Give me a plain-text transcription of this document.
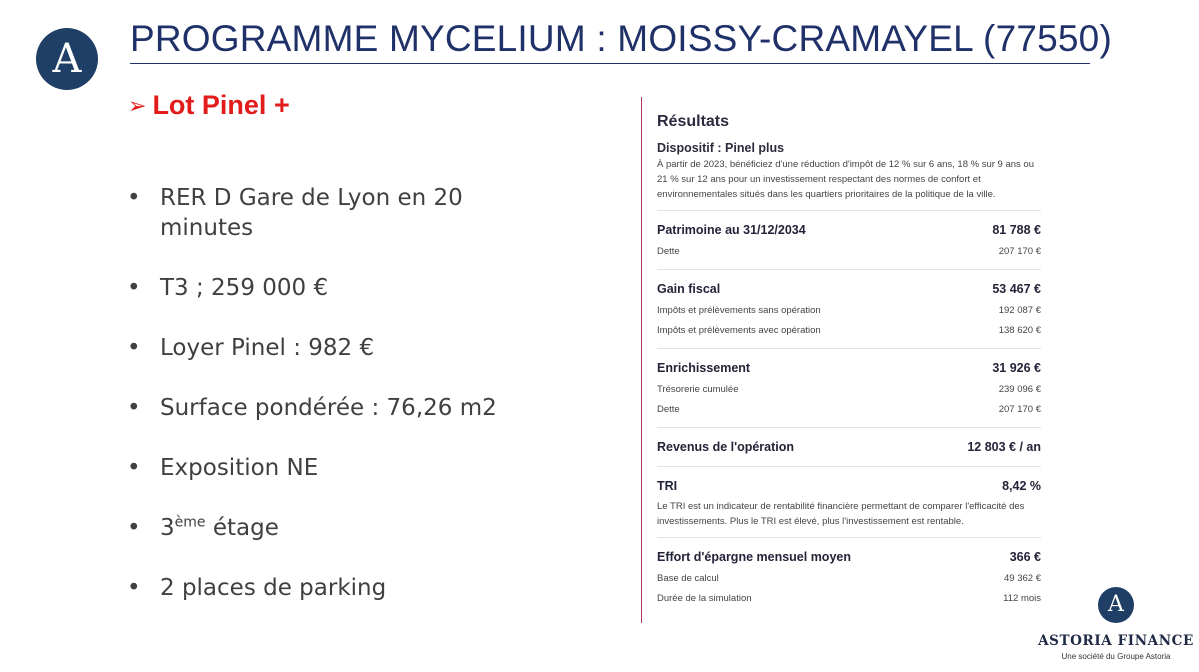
A PROGRAMME MYCELIUM : MOISSY-CRAMAYEL (77550)
➢ Lot Pinel +
• RER D Gare de Lyon en 20 minutes
• T3 ; 259 000 €
• Loyer Pinel : 982 €
• Surface pondérée : 76,26 m2
• Exposition NE
• 3ème étage
• 2 places de parking
Résultats
Dispositif : Pinel plus
À partir de 2023, bénéficiez d'une réduction d'impôt de 12 % sur 6 ans, 18 % sur 9 ans ou 21 % sur 12 ans pour un investissement respectant des normes de confort et environnementales situés dans les quartiers prioritaires de la politique de la ville.
Patrimoine au 31/12/2034	81 788 €
Dette	207 170 €
Gain fiscal	53 467 €
Impôts et prélèvements sans opération	192 087 €
Impôts et prélèvements avec opération	138 620 €
Enrichissement	31 926 €
Trésorerie cumulée	239 096 €
Dette	207 170 €
Revenus de l'opération	12 803 € / an
TRI	8,42 %
Le TRI est un indicateur de rentabilité financière permettant de comparer l'efficacité des investissements. Plus le TRI est élevé, plus l'investissement est rentable.
Effort d'épargne mensuel moyen	366 €
Base de calcul	49 362 €
Durée de la simulation	112 mois	A
ASTORIA FINANCE
Une société du Groupe Astoria
